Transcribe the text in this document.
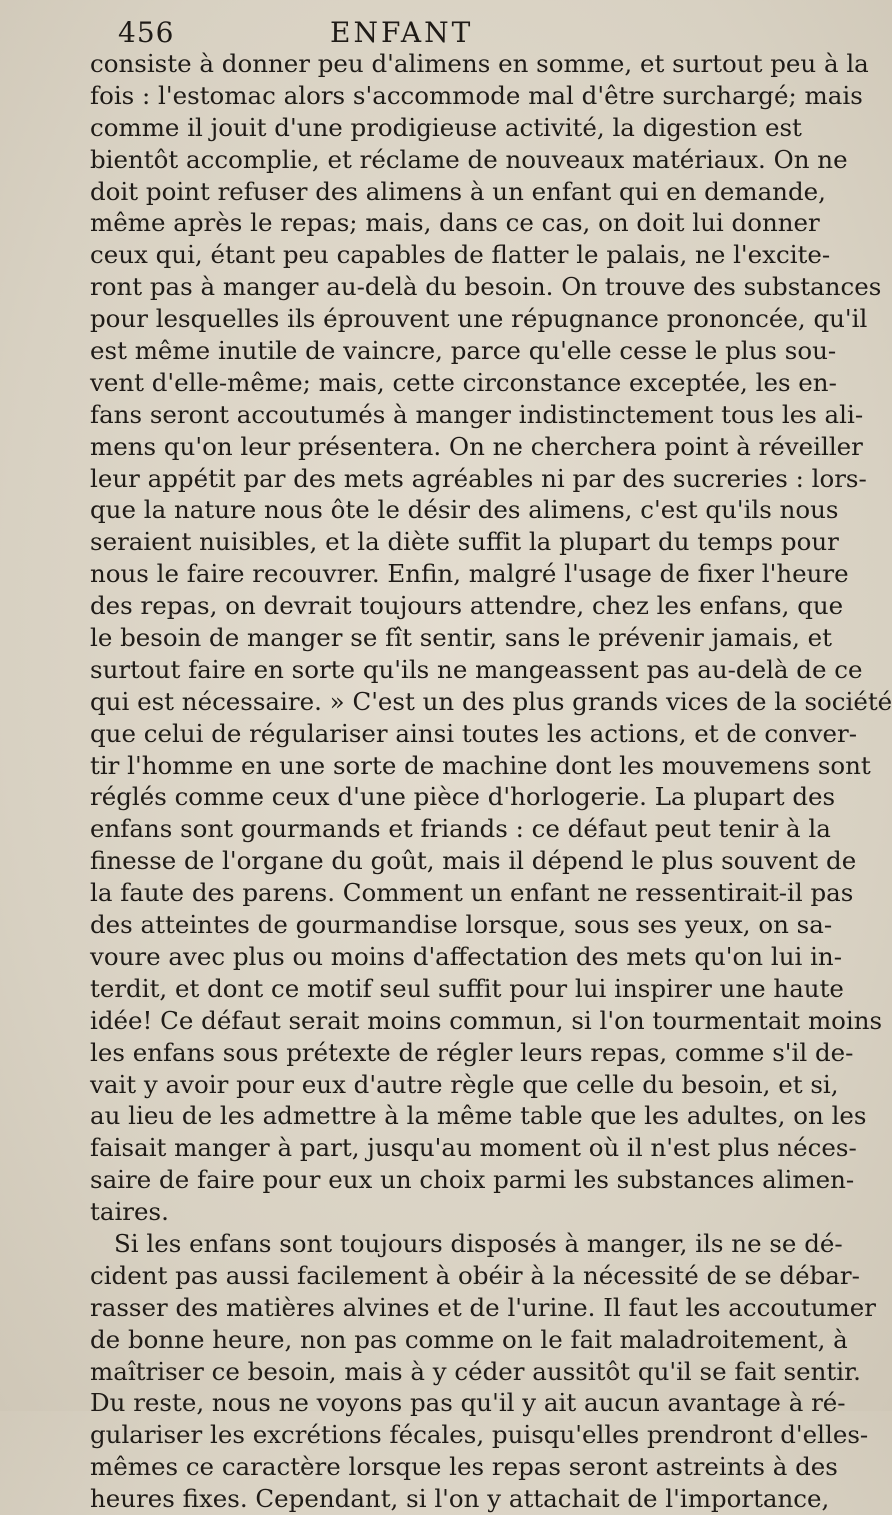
456	ENFANT
consiste à donner peu d'alimens en somme, et surtout peu à la
fois : l'estomac alors s'accommode mal d'être surchargé; mais
comme il jouit d'une prodigieuse activité, la digestion est
bientôt accomplie, et réclame de nouveaux matériaux. On ne
doit point refuser des alimens à un enfant qui en demande,
même après le repas; mais, dans ce cas, on doit lui donner
ceux qui, étant peu capables de flatter le palais, ne l'excite-
ront pas à manger au-delà du besoin. On trouve des substances
pour lesquelles ils éprouvent une répugnance prononcée, qu'il
est même inutile de vaincre, parce qu'elle cesse le plus sou-
vent d'elle-même; mais, cette circonstance exceptée, les en-
fans seront accoutumés à manger indistinctement tous les ali-
mens qu'on leur présentera. On ne cherchera point à réveiller
leur appétit par des mets agréables ni par des sucreries : lors-
que la nature nous ôte le désir des alimens, c'est qu'ils nous
seraient nuisibles, et la diète suffit la plupart du temps pour
nous le faire recouvrer. Enfin, malgré l'usage de fixer l'heure
des repas, on devrait toujours attendre, chez les enfans, que
le besoin de manger se fît sentir, sans le prévenir jamais, et
surtout faire en sorte qu'ils ne mangeassent pas au-delà de ce
qui est nécessaire. » C'est un des plus grands vices de la société
que celui de régulariser ainsi toutes les actions, et de conver-
tir l'homme en une sorte de machine dont les mouvemens sont
réglés comme ceux d'une pièce d'horlogerie. La plupart des
enfans sont gourmands et friands : ce défaut peut tenir à la
finesse de l'organe du goût, mais il dépend le plus souvent de
la faute des parens. Comment un enfant ne ressentirait-il pas
des atteintes de gourmandise lorsque, sous ses yeux, on sa-
voure avec plus ou moins d'affectation des mets qu'on lui in-
terdit, et dont ce motif seul suffit pour lui inspirer une haute
idée! Ce défaut serait moins commun, si l'on tourmentait moins
les enfans sous prétexte de régler leurs repas, comme s'il de-
vait y avoir pour eux d'autre règle que celle du besoin, et si,
au lieu de les admettre à la même table que les adultes, on les
faisait manger à part, jusqu'au moment où il n'est plus néces-
saire de faire pour eux un choix parmi les substances alimen-
taires.
Si les enfans sont toujours disposés à manger, ils ne se dé-
cident pas aussi facilement à obéir à la nécessité de se débar-
rasser des matières alvines et de l'urine. Il faut les accoutumer
de bonne heure, non pas comme on le fait maladroitement, à
maîtriser ce besoin, mais à y céder aussitôt qu'il se fait sentir.
Du reste, nous ne voyons pas qu'il y ait aucun avantage à ré-
gulariser les excrétions fécales, puisqu'elles prendront d'elles-
mêmes ce caractère lorsque les repas seront astreints à des
heures fixes. Cependant, si l'on y attachait de l'importance,
